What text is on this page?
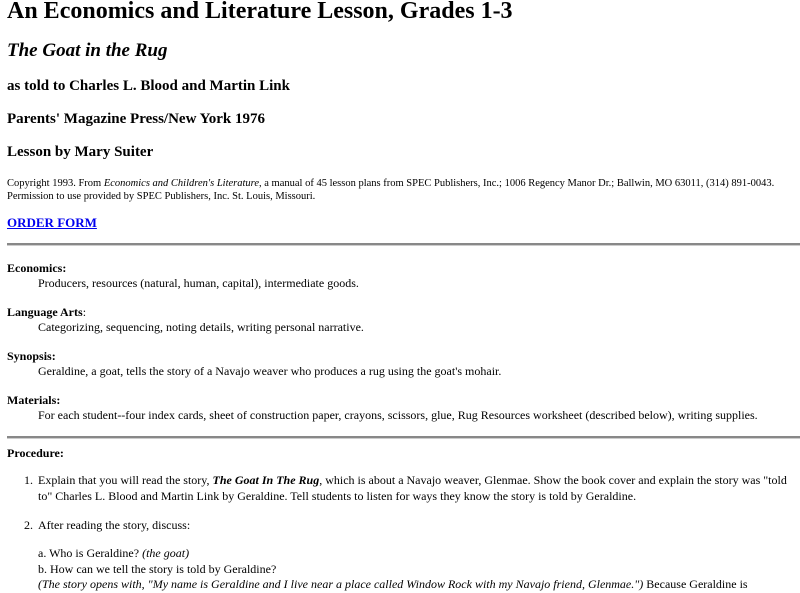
An Economics and Literature Lesson, Grades 1-3
The Goat in the Rug
as told to Charles L. Blood and Martin Link
Parents' Magazine Press/New York 1976
Lesson by Mary Suiter
Copyright 1993. From Economics and Children's Literature, a manual of 45 lesson plans from SPEC Publishers, Inc.; 1006 Regency Manor Dr.; Ballwin, MO 63011, (314) 891-0043.
Permission to use provided by SPEC Publishers, Inc. St. Louis, Missouri.
ORDER FORM
Economics:
Producers, resources (natural, human, capital), intermediate goods.
Language Arts:
Categorizing, sequencing, noting details, writing personal narrative.
Synopsis:
Geraldine, a goat, tells the story of a Navajo weaver who produces a rug using the goat's mohair.
Materials:
For each student--four index cards, sheet of construction paper, crayons, scissors, glue, Rug Resources worksheet (described below), writing supplies.
Procedure:
1. Explain that you will read the story, The Goat In The Rug, which is about a Navajo weaver, Glenmae. Show the book cover and explain the story was "told to" Charles L. Blood and Martin Link by Geraldine. Tell students to listen for ways they know the story is told by Geraldine.
2. After reading the story, discuss:
a. Who is Geraldine? (the goat)
b. How can we tell the story is told by Geraldine?
(The story opens with, "My name is Geraldine and I live near a place called Window Rock with my Navajo friend, Glenmae.") Because Geraldine is
